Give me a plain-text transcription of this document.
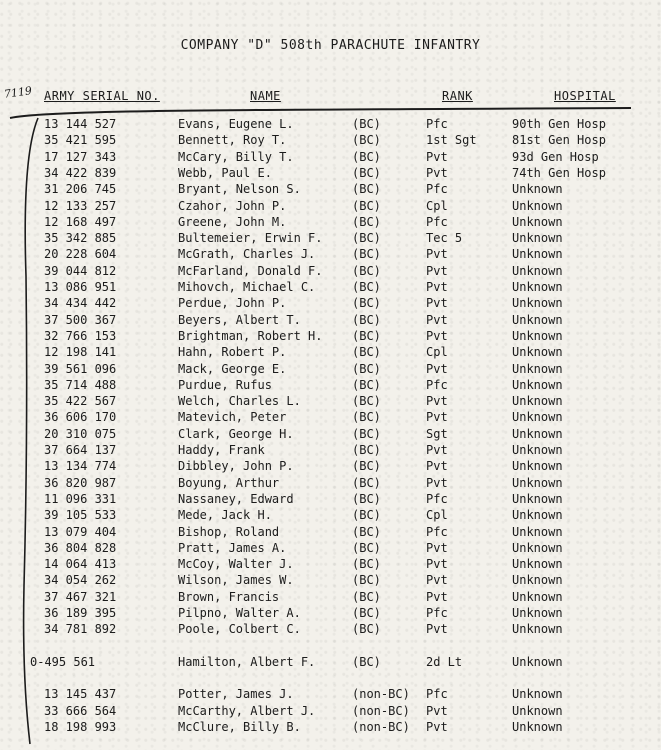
COMPANY "D" 508th PARACHUTE INFANTRY
7119 ARMY SERIAL NO.	NAME	RANK	HOSPITAL
13 144 527	Evans, Eugene L.	(BC)	Pfc	90th Gen Hosp
35 421 595	Bennett, Roy T.	(BC)	1st Sgt	81st Gen Hosp
17 127 343	McCary, Billy T.	(BC)	Pvt	93d Gen Hosp
34 422 839	Webb, Paul E.	(BC)	Pvt	74th Gen Hosp
31 206 745	Bryant, Nelson S.	(BC)	Pfc	Unknown
12 133 257	Czahor, John P.	(BC)	Cpl	Unknown
12 168 497	Greene, John M.	(BC)	Pfc	Unknown
35 342 885	Bultemeier, Erwin F. (BC)	Tec 5	Unknown
20 228 604	McGrath, Charles J.	(BC)	Pvt	Unknown
39 044 812	McFarland, Donald F. (BC)	Pvt	Unknown
13 086 951	Mihovch, Michael C.	(BC)	Pvt	Unknown
34 434 442	Perdue, John P.	(BC)	Pvt	Unknown
37 500 367	Beyers, Albert T.	(BC)	Pvt	Unknown
32 766 153	Brightman, Robert H. (BC)	Pvt	Unknown
12 198 141	Hahn, Robert P.	(BC)	Cpl	Unknown
39 561 096	Mack, George E.	(BC)	Pvt	Unknown
35 714 488	Purdue, Rufus	(BC)	Pfc	Unknown
35 422 567	Welch, Charles L.	(BC)	Pvt	Unknown
36 606 170	Matevich, Peter	(BC)	Pvt	Unknown
20 310 075	Clark, George H.	(BC)	Sgt	Unknown
37 664 137	Haddy, Frank	(BC)	Pvt	Unknown
13 134 774	Dibbley, John P.	(BC)	Pvt	Unknown
36 820 987	Boyung, Arthur	(BC)	Pvt	Unknown
11 096 331	Nassaney, Edward	(BC)	Pfc	Unknown
39 105 533	Mede, Jack H.	(BC)	Cpl	Unknown
13 079 404	Bishop, Roland	(BC)	Pfc	Unknown
36 804 828	Pratt, James A.	(BC)	Pvt	Unknown
14 064 413	McCoy, Walter J.	(BC)	Pvt	Unknown
34 054 262	Wilson, James W.	(BC)	Pvt	Unknown
37 467 321	Brown, Francis	(BC)	Pvt	Unknown
36 189 395	Pilpno, Walter A.	(BC)	Pfc	Unknown
34 781 892	Poole, Colbert C.	(BC)	Pvt	Unknown
0-495 561	Hamilton, Albert F.	(BC)	2d Lt	Unknown
13 145 437	Potter, James J.	(non-BC) Pfc	Unknown
33 666 564	McCarthy, Albert J.	(non-BC) Pvt	Unknown
18 198 993	McClure, Billy B.	(non-BC) Pvt	Unknown
